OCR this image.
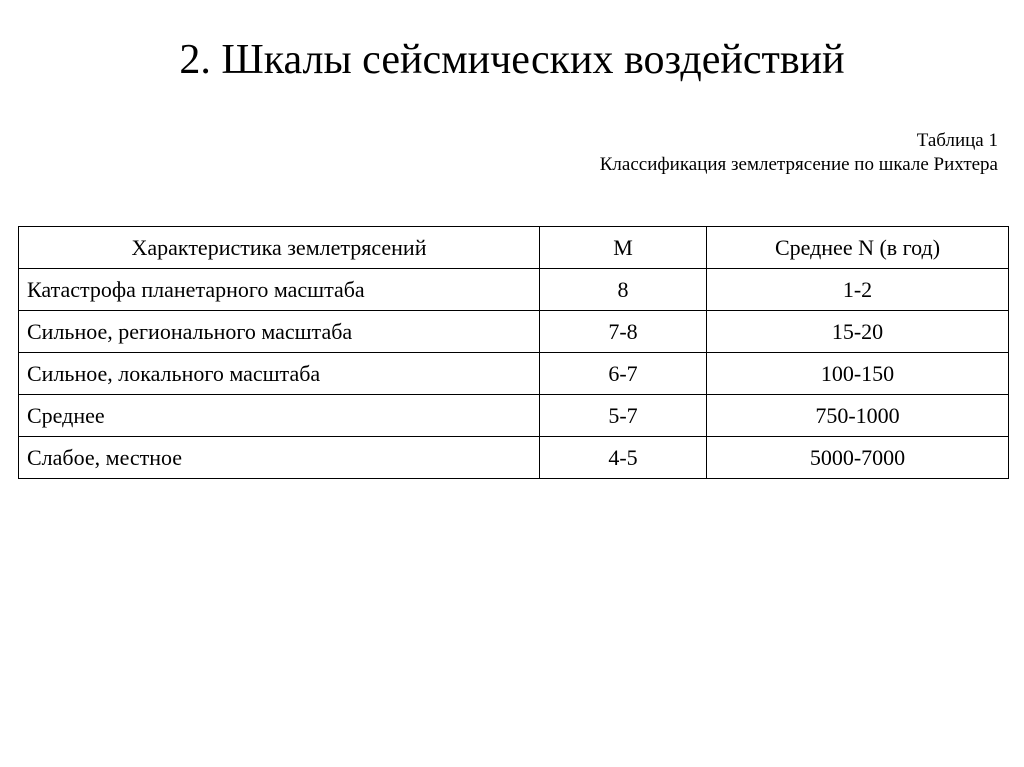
2. Шкалы сейсмических воздействий
Таблица 1
Классификация землетрясение по шкале Рихтера
Характеристика землетрясений	М	Среднее N (в год)
Катастрофа планетарного масштаба	8	1-2
Сильное, регионального масштаба	7-8	15-20
Сильное, локального масштаба	6-7	100-150
Среднее	5-7	750-1000
Слабое, местное	4-5	5000-7000
